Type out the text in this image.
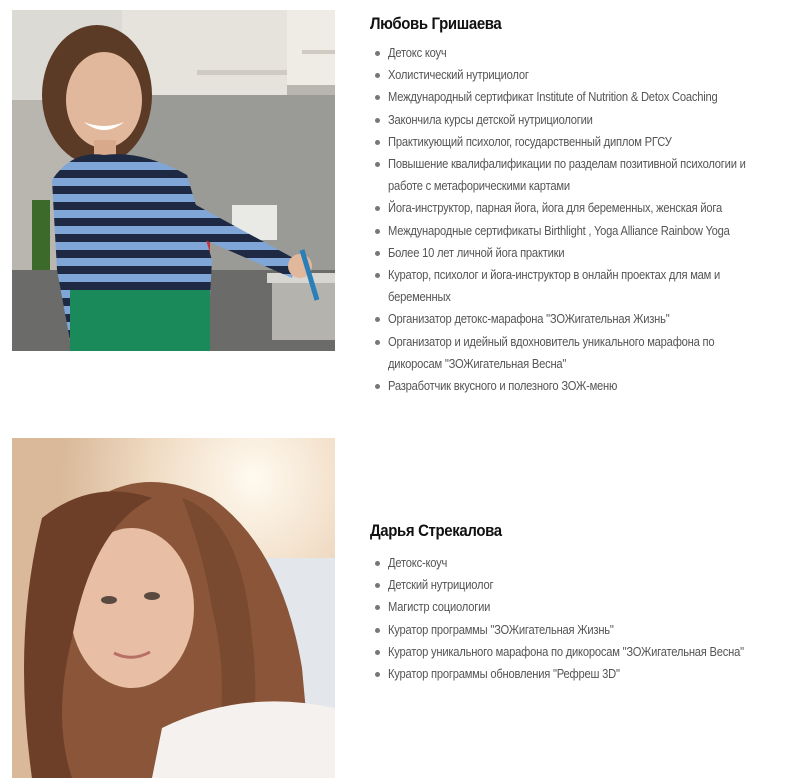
Любовь Гришаева
Детокс коуч
Холистический нутрициолог
Международный сертификат Institute of Nutrition & Detox Coaching
Закончила курсы детской нутрициологии
Практикующий психолог, государственный диплом РГСУ
Повышение квалифалификации по разделам позитивной психологии и работе с метафорическими картами
Йога-инструктор, парная йога, йога для беременных, женская йога
Международные сертификаты Birthlight , Yoga Alliance Rainbow Yoga
Более 10 лет личной йога практики
Куратор, психолог и йога-инструктор в онлайн проектах для мам и беременных
Организатор детокс-марафона "ЗОЖигательная Жизнь"
Организатор и идейный вдохновитель уникального марафона по дикоросам "ЗОЖигательная Весна"
Разработчик вкусного и полезного ЗОЖ-меню
Дарья Стрекалова
Детокс-коуч
Детский нутрициолог
Магистр социологии
Куратор программы "ЗОЖигательная Жизнь"
Куратор уникального марафона по дикоросам "ЗОЖигательная Весна"
Куратор программы обновления "Рефреш 3D"
